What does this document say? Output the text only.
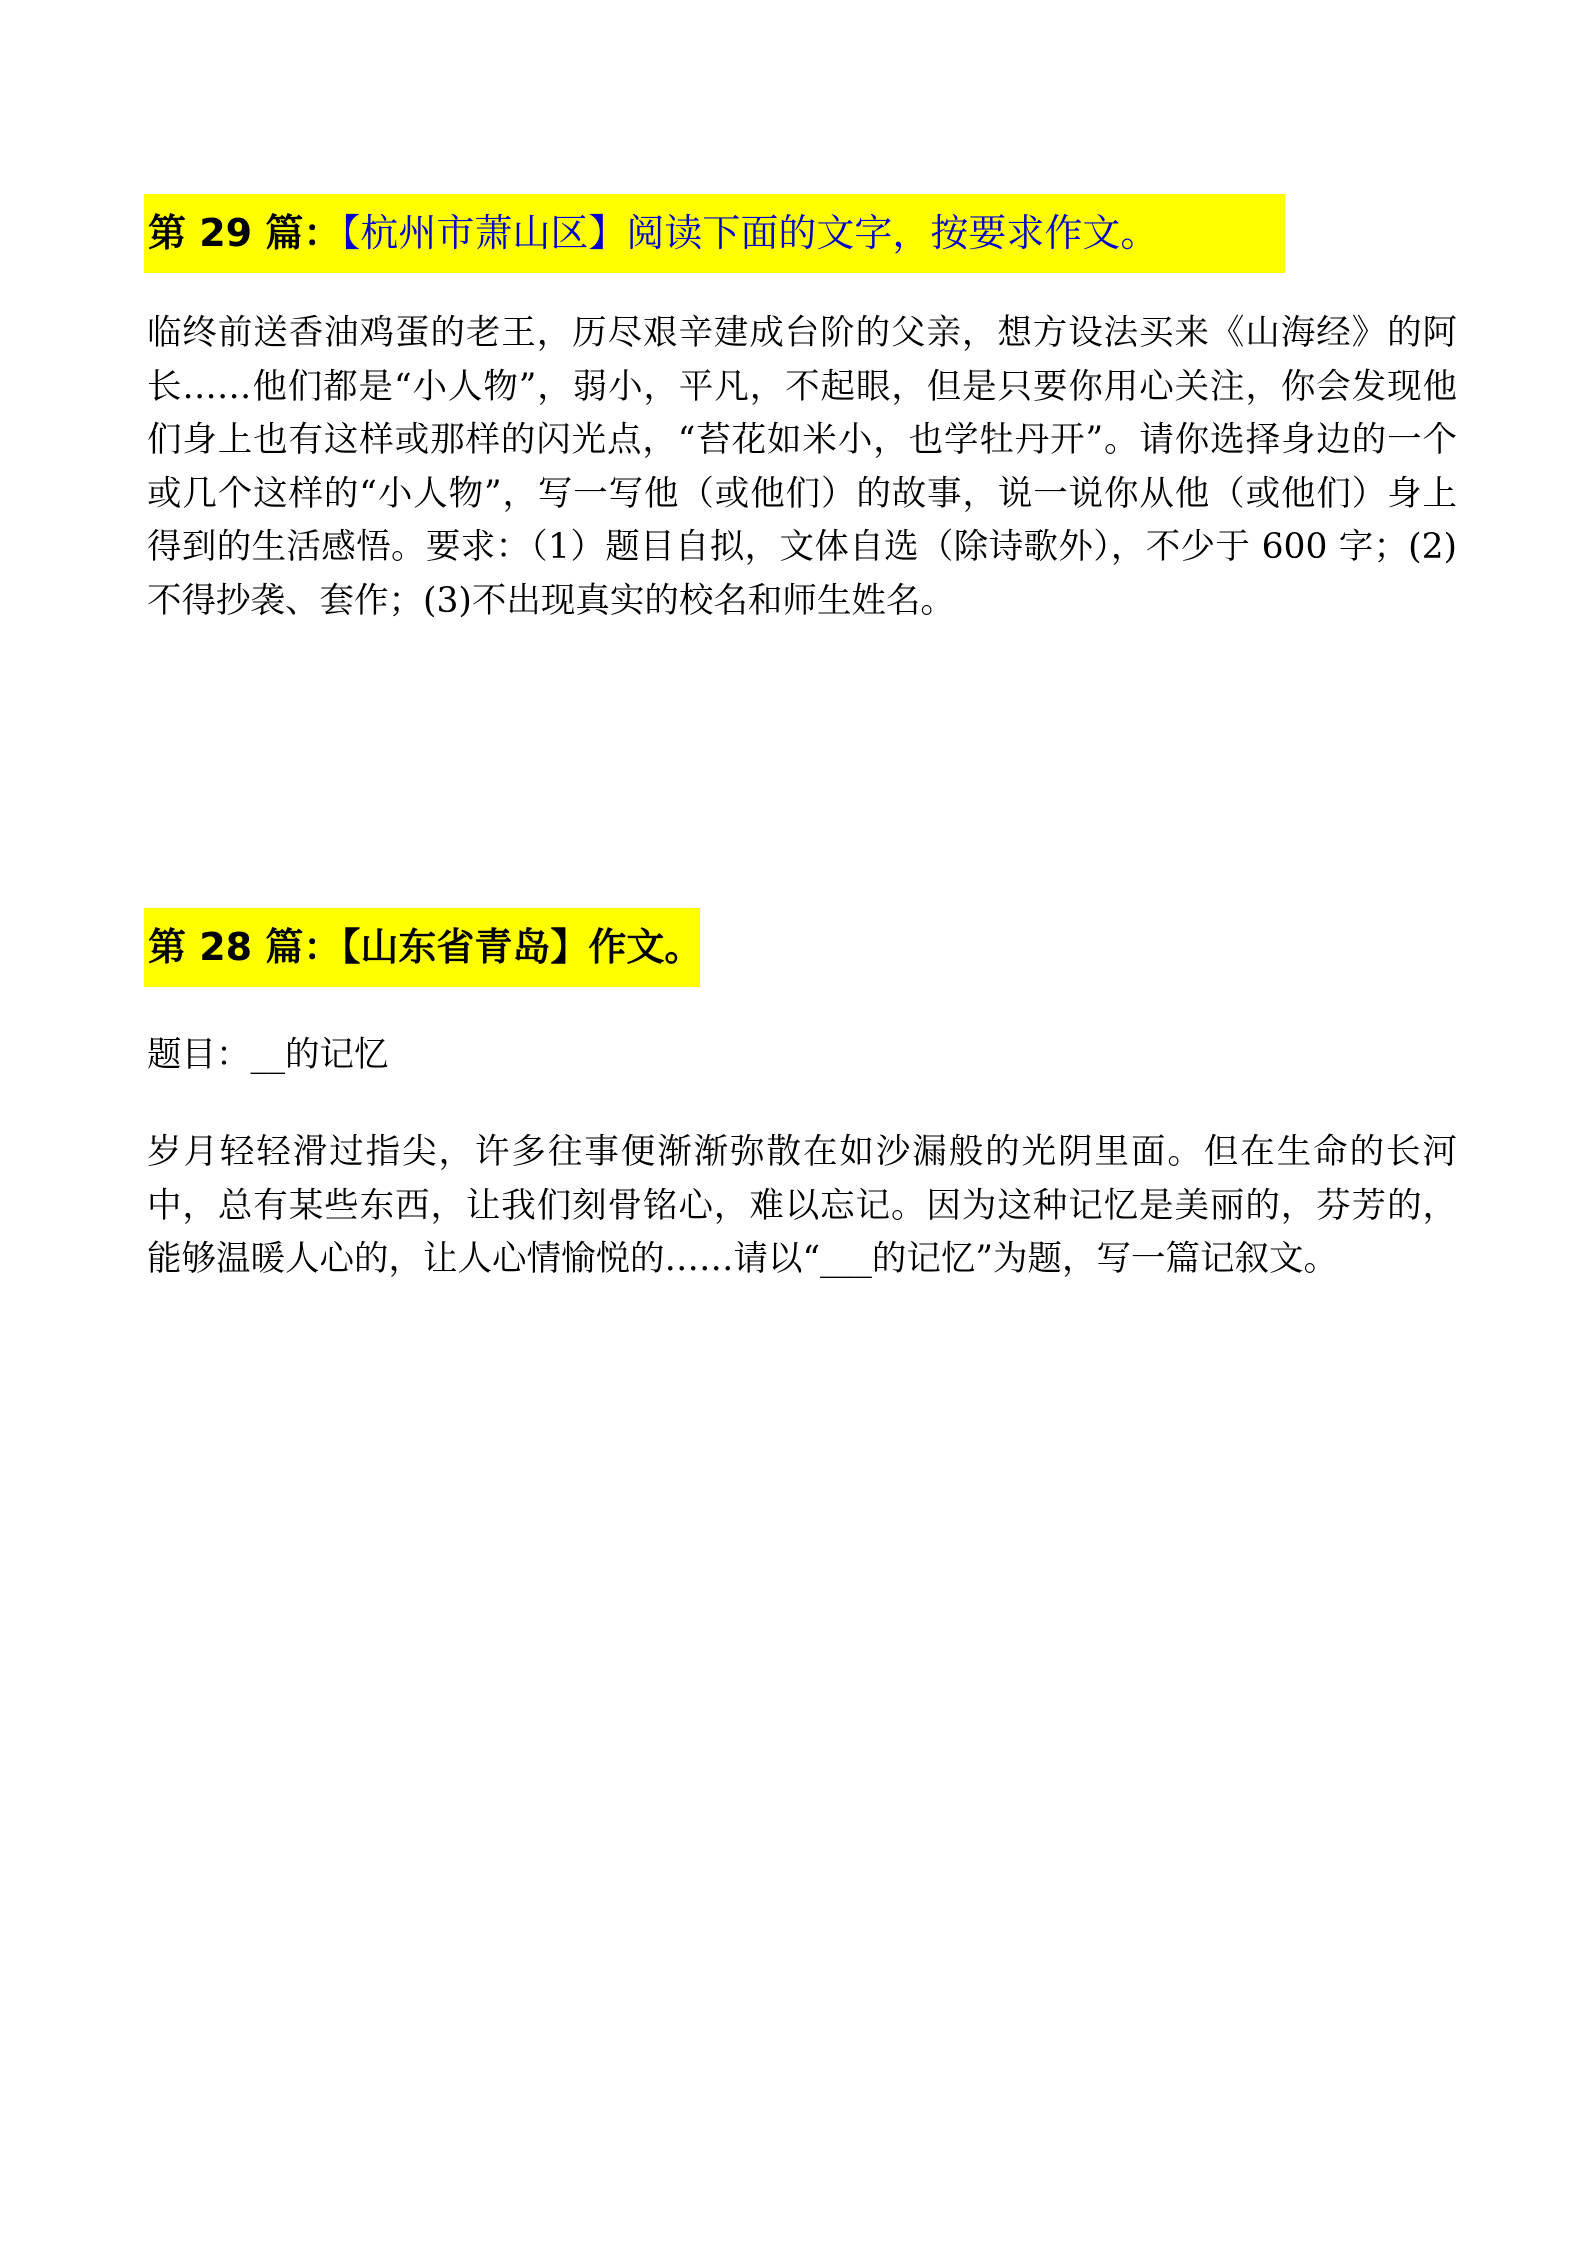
第 29 篇：【杭州市萧山区】阅读下面的文字，按要求作文。
临终前送香油鸡蛋的老王，历尽艰辛建成台阶的父亲，想方设法买来《山海经》的阿长……他们都是“小人物”，弱小，平凡，不起眼，但是只要你用心关注，你会发现他们身上也有这样或那样的闪光点，“苔花如米小，也学牡丹开”。请你选择身边的一个或几个这样的“小人物”，写一写他（或他们）的故事，说一说你从他（或他们）身上得到的生活感悟。要求：（1）题目自拟，文体自选（除诗歌外），不少于 600 字；(2)不得抄袭、套作；(3)不出现真实的校名和师生姓名。
第 28 篇：【山东省青岛】作文。
题目：__的记忆
岁月轻轻滑过指尖，许多往事便渐渐弥散在如沙漏般的光阴里面。但在生命的长河中，总有某些东西，让我们刻骨铭心，难以忘记。因为这种记忆是美丽的，芬芳的，能够温暖人心的，让人心情愉悦的……请以“___的记忆”为题，写一篇记叙文。
